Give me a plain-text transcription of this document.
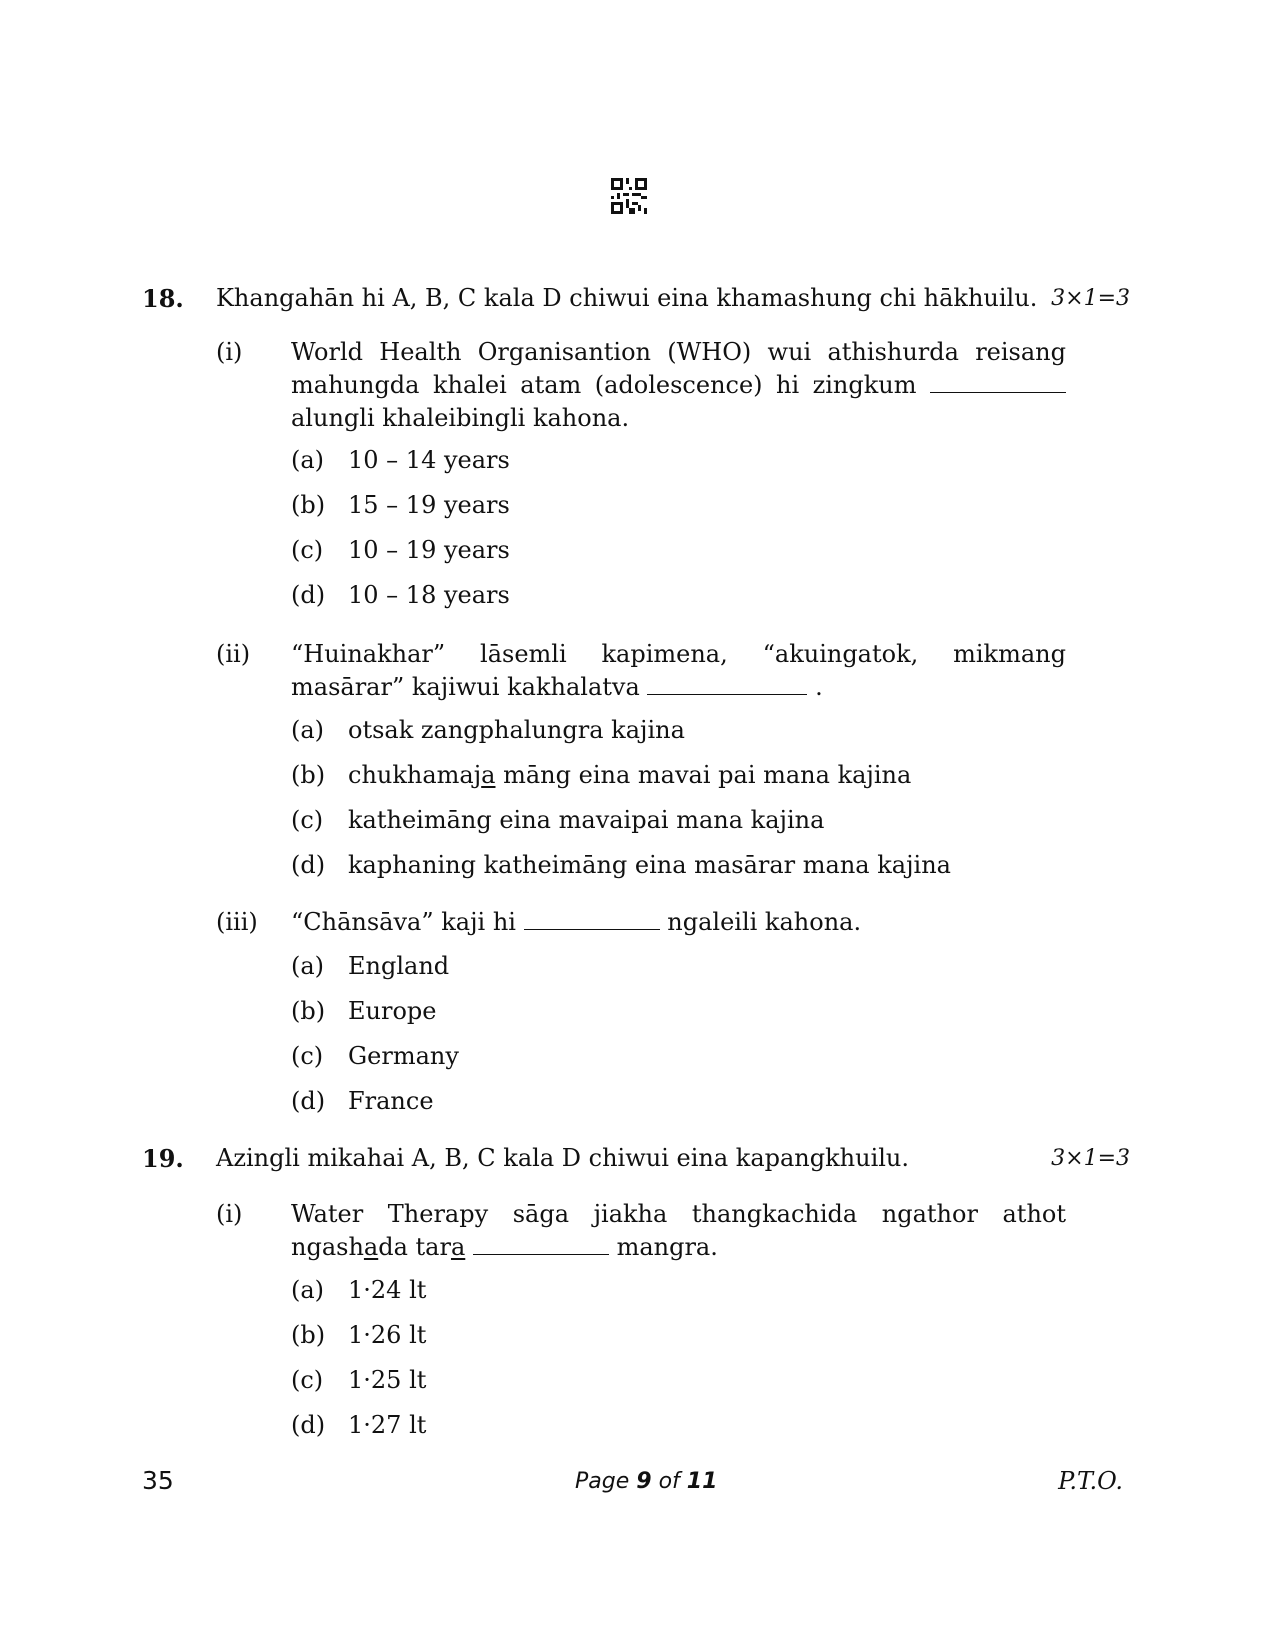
18. Khangahān hi A, B, C kala D chiwui eina khamashung chi hākhuilu. 3×1=3
(i) World Health Organisantion (WHO) wui athishurda reisang mahungda khalei atam (adolescence) hi zingkum  alungli khaleibingli kahona.
(a) 10 – 14 years
(b) 15 – 19 years
(c) 10 – 19 years
(d) 10 – 18 years
(ii) “Huinakhar” lāsemli kapimena, “akuingatok, mikmang masārar” kajiwui kakhalatva	.
(a) otsak zangphalungra kajina
(b) chukhamaja māng eina mavai pai mana kajina
(c) katheimāng eina mavaipai mana kajina
(d) kaphaning katheimāng eina masārar mana kajina
(iii) “Chānsāva” kaji hi	ngaleili kahona.
(a) England
(b) Europe
(c) Germany
(d) France
19. Azingli mikahai A, B, C kala D chiwui eina kapangkhuilu.	3×1=3
(i) Water Therapy sāga jiakha thangkachida ngathor athot ngashada tara	mangra.
(a) 1·24 lt
(b) 1·26 lt
(c) 1·25 lt
(d) 1·27 lt
35	Page 9 of 11	P.T.O.
